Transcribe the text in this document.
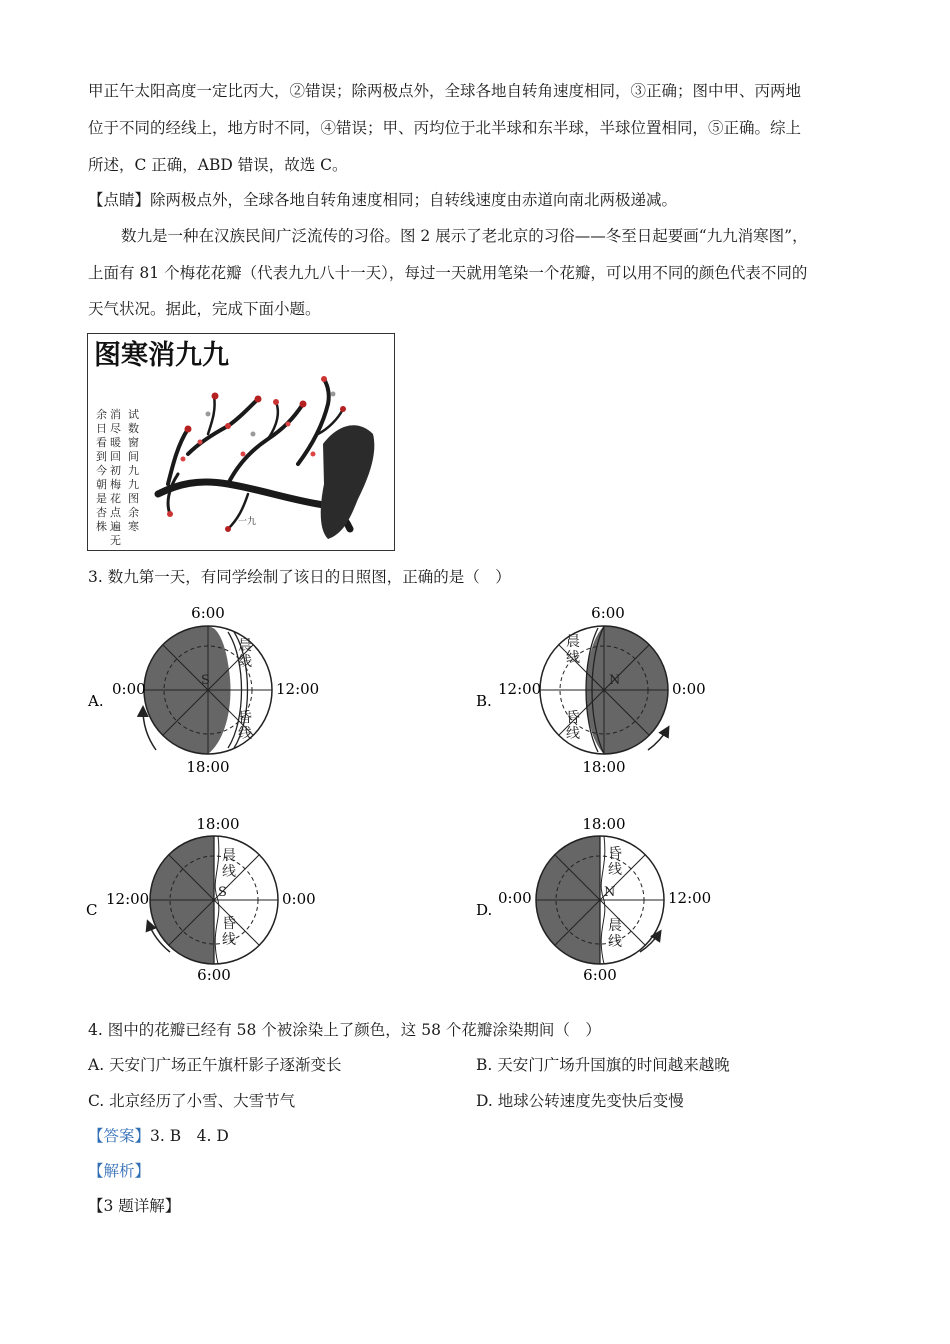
甲正午太阳高度一定比丙大，②错误；除两极点外，全球各地自转角速度相同，③正确；图中甲、丙两地
位于不同的经线上，地方时不同，④错误；甲、丙均位于北半球和东半球，半球位置相同，⑤正确。综上
所述，C 正确，ABD 错误，故选 C。
【点睛】除两极点外，全球各地自转角速度相同；自转线速度由赤道向南北两极递减。
数九是一种在汉族民间广泛流传的习俗。图 2 展示了老北京的习俗——冬至日起要画“九九消寒图”，
上面有 81 个梅花花瓣（代表九九八十一天），每过一天就用笔染一个花瓣，可以用不同的颜色代表不同的
天气状况。据此，完成下面小题。
图寒消九九
余日看到今朝是杏株
消尽暖回初梅花点遍无
试数窗间九九图余寒	一九
3. 数九第一天，有同学绘制了该日的日照图，正确的是（　）
6:00
18:00
0:00	12:00
S
晨线
昏线
A.
6:00
18:00
12:00	0:00
N
晨线
昏线
B.
18:00
6:00
12:00	0:00
S
晨线
昏线
C
18:00
6:00
0:00	12:00
N
昏线
晨线
D.
4. 图中的花瓣已经有 58 个被涂染上了颜色，这 58 个花瓣涂染期间（　）
A. 天安门广场正午旗杆影子逐渐变长	B. 天安门广场升国旗的时间越来越晚
C. 北京经历了小雪、大雪节气	D. 地球公转速度先变快后变慢
【答案】3. B　4. D
【解析】
【3 题详解】
